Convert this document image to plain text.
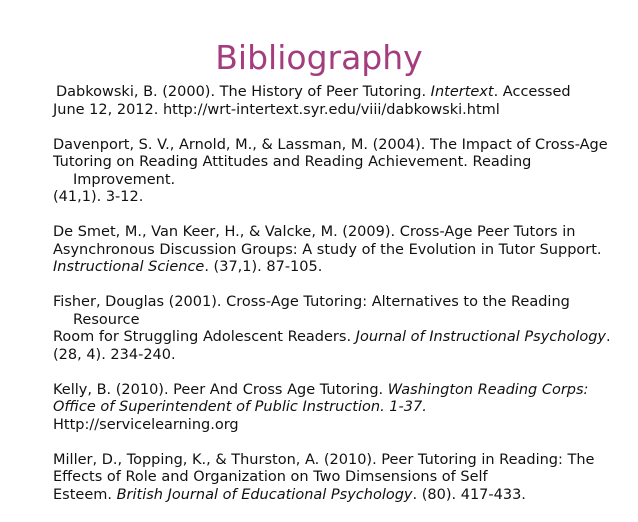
Bibliography

Dabkowski, B. (2000). The History of Peer Tutoring. Intertext. Accessed
June 12, 2012. http://wrt-intertext.syr.edu/viii/dabkowski.html

Davenport, S. V., Arnold, M., & Lassman, M. (2004). The Impact of Cross-Age
Tutoring on Reading Attitudes and Reading Achievement. Reading Improvement.
(41,1). 3-12.

De Smet, M., Van Keer, H., & Valcke, M. (2009). Cross-Age Peer Tutors in
Asynchronous Discussion Groups: A study of the Evolution in Tutor Support.
Instructional Science. (37,1). 87-105.

Fisher, Douglas (2001). Cross-Age Tutoring: Alternatives to the Reading Resource
Room for Struggling Adolescent Readers. Journal of Instructional Psychology.
(28, 4). 234-240.

Kelly, B. (2010). Peer And Cross Age Tutoring. Washington Reading Corps:
Office of Superintendent of Public Instruction. 1-37.
Http://servicelearning.org

Miller, D., Topping, K., & Thurston, A. (2010). Peer Tutoring in Reading: The
Effects of Role and Organization on Two Dimsensions of Self
Esteem. British Journal of Educational Psychology. (80). 417-433.
